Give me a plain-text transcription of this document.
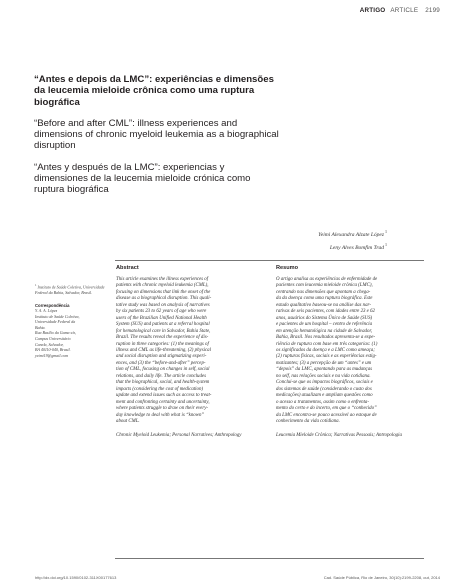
ARTIGO ARTICLE 2199

“Antes e depois da LMC”: experiências e dimensões da leucemia mieloide crônica como uma ruptura biográfica

“Before and after CML”: illness experiences and dimensions of chronic myeloid leukemia as a biographical disruption

“Antes y después de la LMC”: experiencias y dimensiones de la leucemia mieloide crónica como ruptura biográfica

Yeimi Alexandra Alzate López$^1$
Leny Alves Bomfim Trad$^1$
$^1$ Instituto de Saúde Coletiva, Universidade Federal da Bahia, Salvador, Brasil.
Correspondência
Y. A. A. López
Instituto de Saúde Coletiva,
Universidade Federal da
Bahia.
Rua Basílio da Gama s/n,
Campus Universitário
Canela, Salvador,
BA 40110-040, Brasil.
yeimi19@gmail.com
Abstract
This article examines the illness experiences of
patients with chronic myeloid leukemia (CML),
focusing on dimensions that link the onset of the
disease as a biographical disruption. This quali-
tative study was based on analysis of narratives
by six patients 23 to 62 years of age who were
users of the Brazilian Unified National Health
System (SUS) and patients at a referral hospital
for hematological care in Salvador, Bahia State,
Brazil. The results reveal the experience of dis-
ruption in three categories: (1) the meanings of
illness and CML as life-threatening, (2) physical
and social disruption and stigmatizing experi-
ences, and (3) the “before-and-after” percep-
tion of CML, focusing on changes in self, social
relations, and daily life. The article concludes
that the biographical, social, and health-system
impacts (considering the cost of medication)
update and extend issues such as access to treat-
ment and confronting certainty and uncertainty,
where patients struggle to draw on their every-
day knowledge to deal with what is “known”
about CML.
Chronic Myeloid Leukemia; Personal Narratives; Anthropology
Resumo
O artigo analisa as experiências de enfermidade de
pacientes com leucemia mieloide crônica (LMC),
centrando nas dimensões que apontam a chega-
da da doença como uma ruptura biográfica. Este
estudo qualitativo baseou-se na análise das nar-
rativas de seis pacientes, com idades entre 23 e 62
anos, usuários do Sistema Único de Saúde (SUS)
e pacientes de um hospital – centro de referência
em atenção hematológica na cidade de Salvador,
Bahia, Brasil. Nos resultados apresenta-se a expe-
riência de ruptura com base em três categorias: (1)
os significados da doença e a LMC como ameaça;
(2) rupturas físicas, sociais e as experiências estig-
matizantes; (3) a percepção de um “antes” e um
“depois” da LMC, apontando para as mudanças
no self, nas relações sociais e na vida cotidiana.
Conclui-se que os impactos biográficos, sociais e
dos sistemas de saúde (considerando o custo dos
medicações) atualizam e ampliam questões como
o acesso a tratamentos, assim como o enfrenta-
mento do certo e do incerto, em que o “conhecido”
da LMC encontra-se pouco acessível ao estoque de
conhecimento da vida cotidiana.
Leucemia Mieloide Crônica; Narrativas Pessoais; Antropologia
http://dx.doi.org/10.1590/0102-311X00177613	Cad. Saúde Pública, Rio de Janeiro, 30(10):2199-2208, out, 2014
